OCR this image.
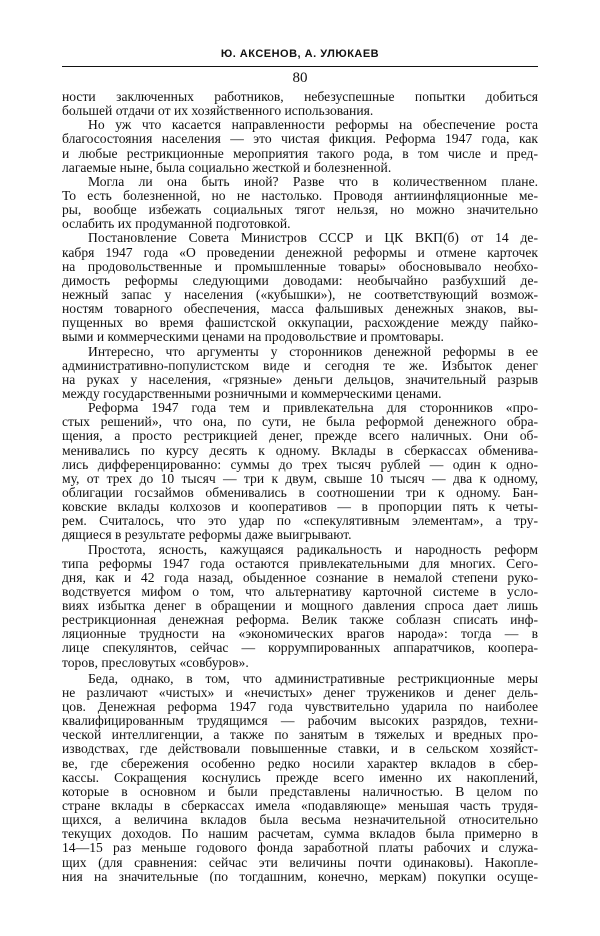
Ю. АКСЕНОВ, А. УЛЮКАЕВ
80
ности заключенных работников, небезуспешные попытки добиться
большей отдачи от их хозяйственного использования.
Но уж что касается направленности реформы на обеспечение роста
благосостояния населения — это чистая фикция. Реформа 1947 года, как
и любые рестрикционные мероприятия такого рода, в том числе и пред-
лагаемые ныне, была социально жесткой и болезненной.
Могла ли она быть иной? Разве что в количественном плане.
То есть болезненной, но не настолько. Проводя антиинфляционные ме-
ры, вообще избежать социальных тягот нельзя, но можно значительно
ослабить их продуманной подготовкой.
Постановление Совета Министров СССР и ЦК ВКП(б) от 14 де-
кабря 1947 года «О проведении денежной реформы и отмене карточек
на продовольственные и промышленные товары» обосновывало необхо-
димость реформы следующими доводами: необычайно разбухший де-
нежный запас у населения («кубышки»), не соответствующий возмож-
ностям товарного обеспечения, масса фальшивых денежных знаков, вы-
пущенных во время фашистской оккупации, расхождение между пайко-
выми и коммерческими ценами на продовольствие и промтовары.
Интересно, что аргументы у сторонников денежной реформы в ее
административно-популистском виде и сегодня те же. Избыток денег
на руках у населения, «грязные» деньги дельцов, значительный разрыв
между государственными розничными и коммерческими ценами.
Реформа 1947 года тем и привлекательна для сторонников «про-
стых решений», что она, по сути, не была реформой денежного обра-
щения, а просто рестрикцией денег, прежде всего наличных. Они об-
менивались по курсу десять к одному. Вклады в сберкассах обменива-
лись дифференцированно: суммы до трех тысяч рублей — один к одно-
му, от трех до 10 тысяч — три к двум, свыше 10 тысяч — два к одному,
облигации госзаймов обменивались в соотношении три к одному. Бан-
ковские вклады колхозов и кооперативов — в пропорции пять к четы-
рем. Считалось, что это удар по «спекулятивным элементам», а тру-
дящиеся в результате реформы даже выигрывают.
Простота, ясность, кажущаяся радикальность и народность реформ
типа реформы 1947 года остаются привлекательными для многих. Сего-
дня, как и 42 года назад, обыденное сознание в немалой степени руко-
водствуется мифом о том, что альтернативу карточной системе в усло-
виях избытка денег в обращении и мощного давления спроса дает лишь
рестрикционная денежная реформа. Велик также соблазн списать инф-
ляционные трудности на «экономических врагов народа»: тогда — в
лице спекулянтов, сейчас — коррумпированных аппаратчиков, коопера-
торов, пресловутых «совбуров».
Беда, однако, в том, что административные рестрикционные меры
не различают «чистых» и «нечистых» денег тружеников и денег дель-
цов. Денежная реформа 1947 года чувствительно ударила по наиболее
квалифицированным трудящимся — рабочим высоких разрядов, техни-
ческой интеллигенции, а также по занятым в тяжелых и вредных про-
изводствах, где действовали повышенные ставки, и в сельском хозяйст-
ве, где сбережения особенно редко носили характер вкладов в сбер-
кассы. Сокращения коснулись прежде всего именно их накоплений,
которые в основном и были представлены наличностью. В целом по
стране вклады в сберкассах имела «подавляюще» меньшая часть трудя-
щихся, а величина вкладов была весьма незначительной относительно
текущих доходов. По нашим расчетам, сумма вкладов была примерно в
14—15 раз меньше годового фонда заработной платы рабочих и служа-
щих (для сравнения: сейчас эти величины почти одинаковы). Накопле-
ния на значительные (по тогдашним, конечно, меркам) покупки осуще-
